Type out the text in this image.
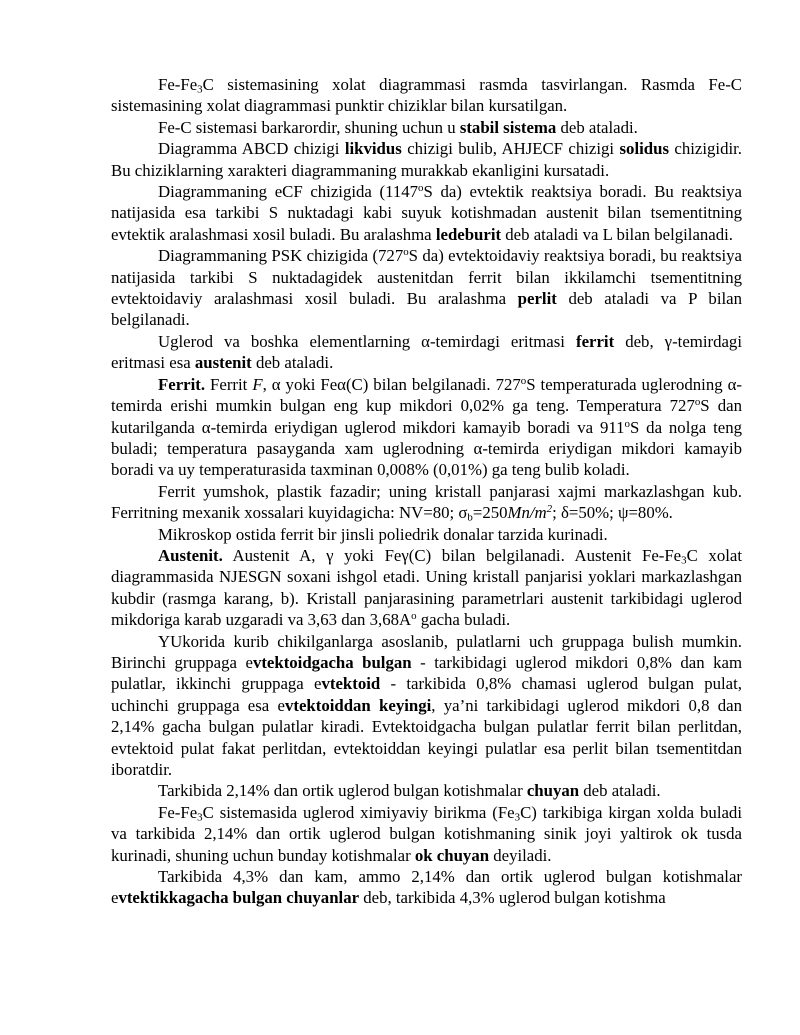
$Fe-Fe_3C$ sistemasining xolat diagrammasi rasmda tasvirlangan. Rasmda Fe-C sistemasining xolat diagrammasi punktir chiziklar bilan kursatilgan.

Fe-C sistemasi barkarordir, shuning uchun u stabil sistema deb ataladi.

Diagramma ABCD chizigi likvidus chizigi bulib, AHJECF chizigi solidus chizigidir. Bu chiziklarning xarakteri diagrammaning murakkab ekanligini kursatadi.

Diagrammaning eCF chizigida (1147$^o$S da) evtektik reaktsiya boradi. Bu reaktsiya natijasida esa tarkibi S nuktadagi kabi suyuk kotishmadan austenit bilan tsementitning evtektik aralashmasi xosil buladi. Bu aralashma ledeburit deb ataladi va L bilan belgilanadi.

Diagrammaning PSK chizigida (727$^o$S da) evtektoidaviy reaktsiya boradi, bu reaktsiya natijasida tarkibi S nuktadagidek austenitdan ferrit bilan ikkilamchi tsementitning evtektoidaviy aralashmasi xosil buladi. Bu aralashma perlit deb ataladi va P bilan belgilanadi.

Uglerod va boshka elementlarning α-temirdagi eritmasi ferrit deb, γ-temirdagi eritmasi esa austenit deb ataladi.

Ferrit. Ferrit F, α yoki Feα(C) bilan belgilanadi. 727$^o$S temperaturada uglerodning α-temirda erishi mumkin bulgan eng kup mikdori 0,02% ga teng. Temperatura 727$^o$S dan kutarilganda α-temirda eriydigan uglerod mikdori kamayib boradi va 911$^o$S da nolga teng buladi; temperatura pasayganda xam uglerodning α-temirda eriydigan mikdori kamayib boradi va uy temperaturasida taxminan 0,008% (0,01%) ga teng bulib koladi.

Ferrit yumshok, plastik fazadir; uning kristall panjarasi xajmi markazlashgan kub. Ferritning mexanik xossalari kuyidagicha: NV=80; $\sigma_b=250Mn/m^2$; δ=50%; ψ=80%.

Mikroskop ostida ferrit bir jinsli poliedrik donalar tarzida kurinadi.

Austenit. Austenit A, γ yoki Feγ(C) bilan belgilanadi. Austenit $Fe-Fe_3C$ xolat diagrammasida NJESGN soxani ishgol etadi. Uning kristall panjarisi yoklari markazlashgan kubdir (rasmga karang, b). Kristall panjarasining parametrlari austenit tarkibidagi uglerod mikdoriga karab uzgaradi va 3,63 dan $3,68A^o$ gacha buladi.

YUkorida kurib chikilganlarga asoslanib, pulatlarni uch gruppaga bulish mumkin. Birinchi gruppaga evtektoidgacha bulgan - tarkibidagi uglerod mikdori 0,8% dan kam pulatlar, ikkinchi gruppaga evtektoid - tarkibida 0,8% chamasi uglerod bulgan pulat, uchinchi gruppaga esa evtektoiddan keyingi, ya’ni tarkibidagi uglerod mikdori 0,8 dan 2,14% gacha bulgan pulatlar kiradi. Evtektoidgacha bulgan pulatlar ferrit bilan perlitdan, evtektoid pulat fakat perlitdan, evtektoiddan keyingi pulatlar esa perlit bilan tsementitdan iboratdir.

Tarkibida 2,14% dan ortik uglerod bulgan kotishmalar chuyan deb ataladi.

$Fe-Fe_3C$ sistemasida uglerod ximiyaviy birikma $(Fe_3C)$ tarkibiga kirgan xolda buladi va tarkibida 2,14% dan ortik uglerod bulgan kotishmaning sinik joyi yaltirok ok tusda kurinadi, shuning uchun bunday kotishmalar ok chuyan deyiladi.

Tarkibida 4,3% dan kam, ammo 2,14% dan ortik uglerod bulgan kotishmalar evtektikkagacha bulgan chuyanlar deb, tarkibida 4,3% uglerod bulgan kotishma
